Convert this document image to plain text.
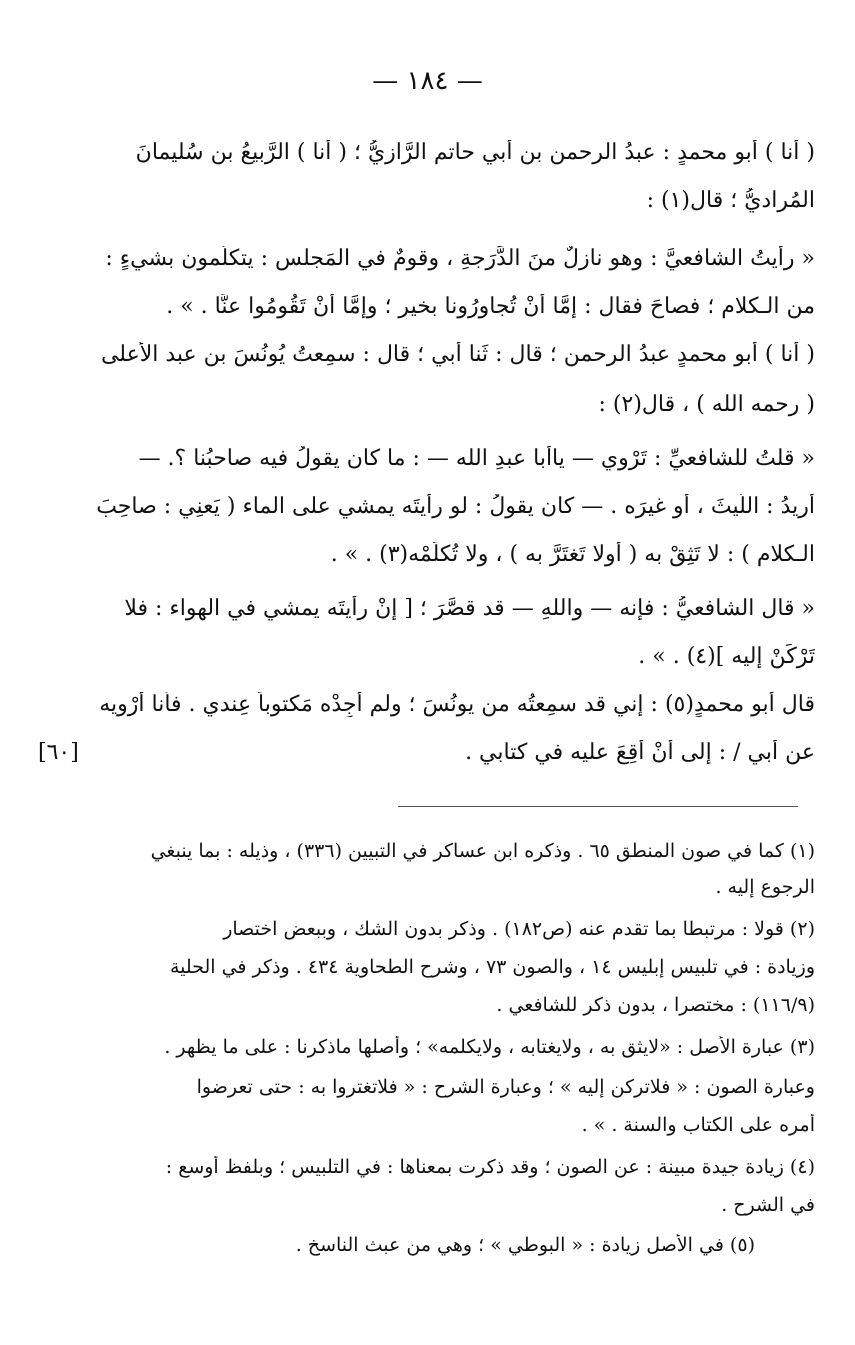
— ١٨٤ —
( أنا ) أبو محمدٍ : عبدُ الرحمن بن أبي حاتمٍ الرَّازيُّ ؛ ( أنا ) الرَّبيعُ بن سُليمانَ
المُراديُّ ؛ قال(١) :
« رأيتُ الشافعيَّ : وهو نازلٌ منَ الدَّرَجةِ ، وقومٌ في المَجلس : يتكلَّمون بشيءٍ :
من الـكلامِ ؛ فصاحَ فقال : إمَّا أنْ تُجاوِرُونا بخيرٍ ؛ وإمَّا أنْ تَقُومُوا عنَّا . » .
( أنا ) أبو محمدٍ عبدُ الرحمن ؛ قال : ثَنا أبي ؛ قال : سمِعتُ يُونُسَ بن عبد الأعلى
( رحمه الله ) ، قال(٢) :
« قلتُ للشافعيِّ : تَرْوِي — ياأبا عبدِ الله — : ما كان يقولُ فيه صاحبُنا ؟. —
أُرِيدُ : اللَّيثَ ، أو غيرَه . — كان يقولُ : لو رأيتَه يمشي على الماء ( يَعنِي : صاحِبَ
الـكلامِ ) : لا تَثِقْ به ( أولا تَغتَرَّ به ) ، ولا تُكلِّمْه(٣) . » .
« قال الشافعيُّ : فإنه — واللهِ — قد قصَّرَ ؛ [ إنْ رأيتَه يمشي في الهواء : فلا
تَرْكَنْ إليه ](٤) . » .
قال أبو محمدٍ(٥) : إني قد سمِعتُه من يونُسَ ؛ ولم أجِدْه مَكتوباً عِندي . فأنا أَرْوِيه
عن أبي / : إلى أنْ أقِعَ عليه في كتابي .
[٦٠]
(١) كما في صون المنطق ٦٥ . وذكره ابن عساكر في التبيين (٣٣٦) ، وذيله : بما ينبغي
الرجوع إليه .
(٢) قولا : مرتبطا بما تقدم عنه (ص١٨٢) . وذكر بدون الشك ، وببعض اختصار
وزيادة : في تلبيس إبليس ١٤ ، والصون ٧٣ ، وشرح الطحاوية ٤٣٤ . وذكر في الحلية
(١١٦/٩) : مختصرا ، بدون ذكر للشافعي .
(٣) عبارة الأصل : «لايثق به ، ولايغتابه ، ولايكلمه» ؛ وأصلها ماذكرنا : على ما يظهر .
وعبارة الصون : « فلاتركن إليه » ؛ وعبارة الشرح : « فلاتغتروا به : حتى تعرضوا
أمره على الكتاب والسنة . » .
(٤) زيادة جيدة مبينة : عن الصون ؛ وقد ذكرت بمعناها : في التلبيس ؛ وبلفظ أوسع :
في الشرح .
(٥) في الأصل زيادة : « البوطي » ؛ وهي من عبث الناسخ .
